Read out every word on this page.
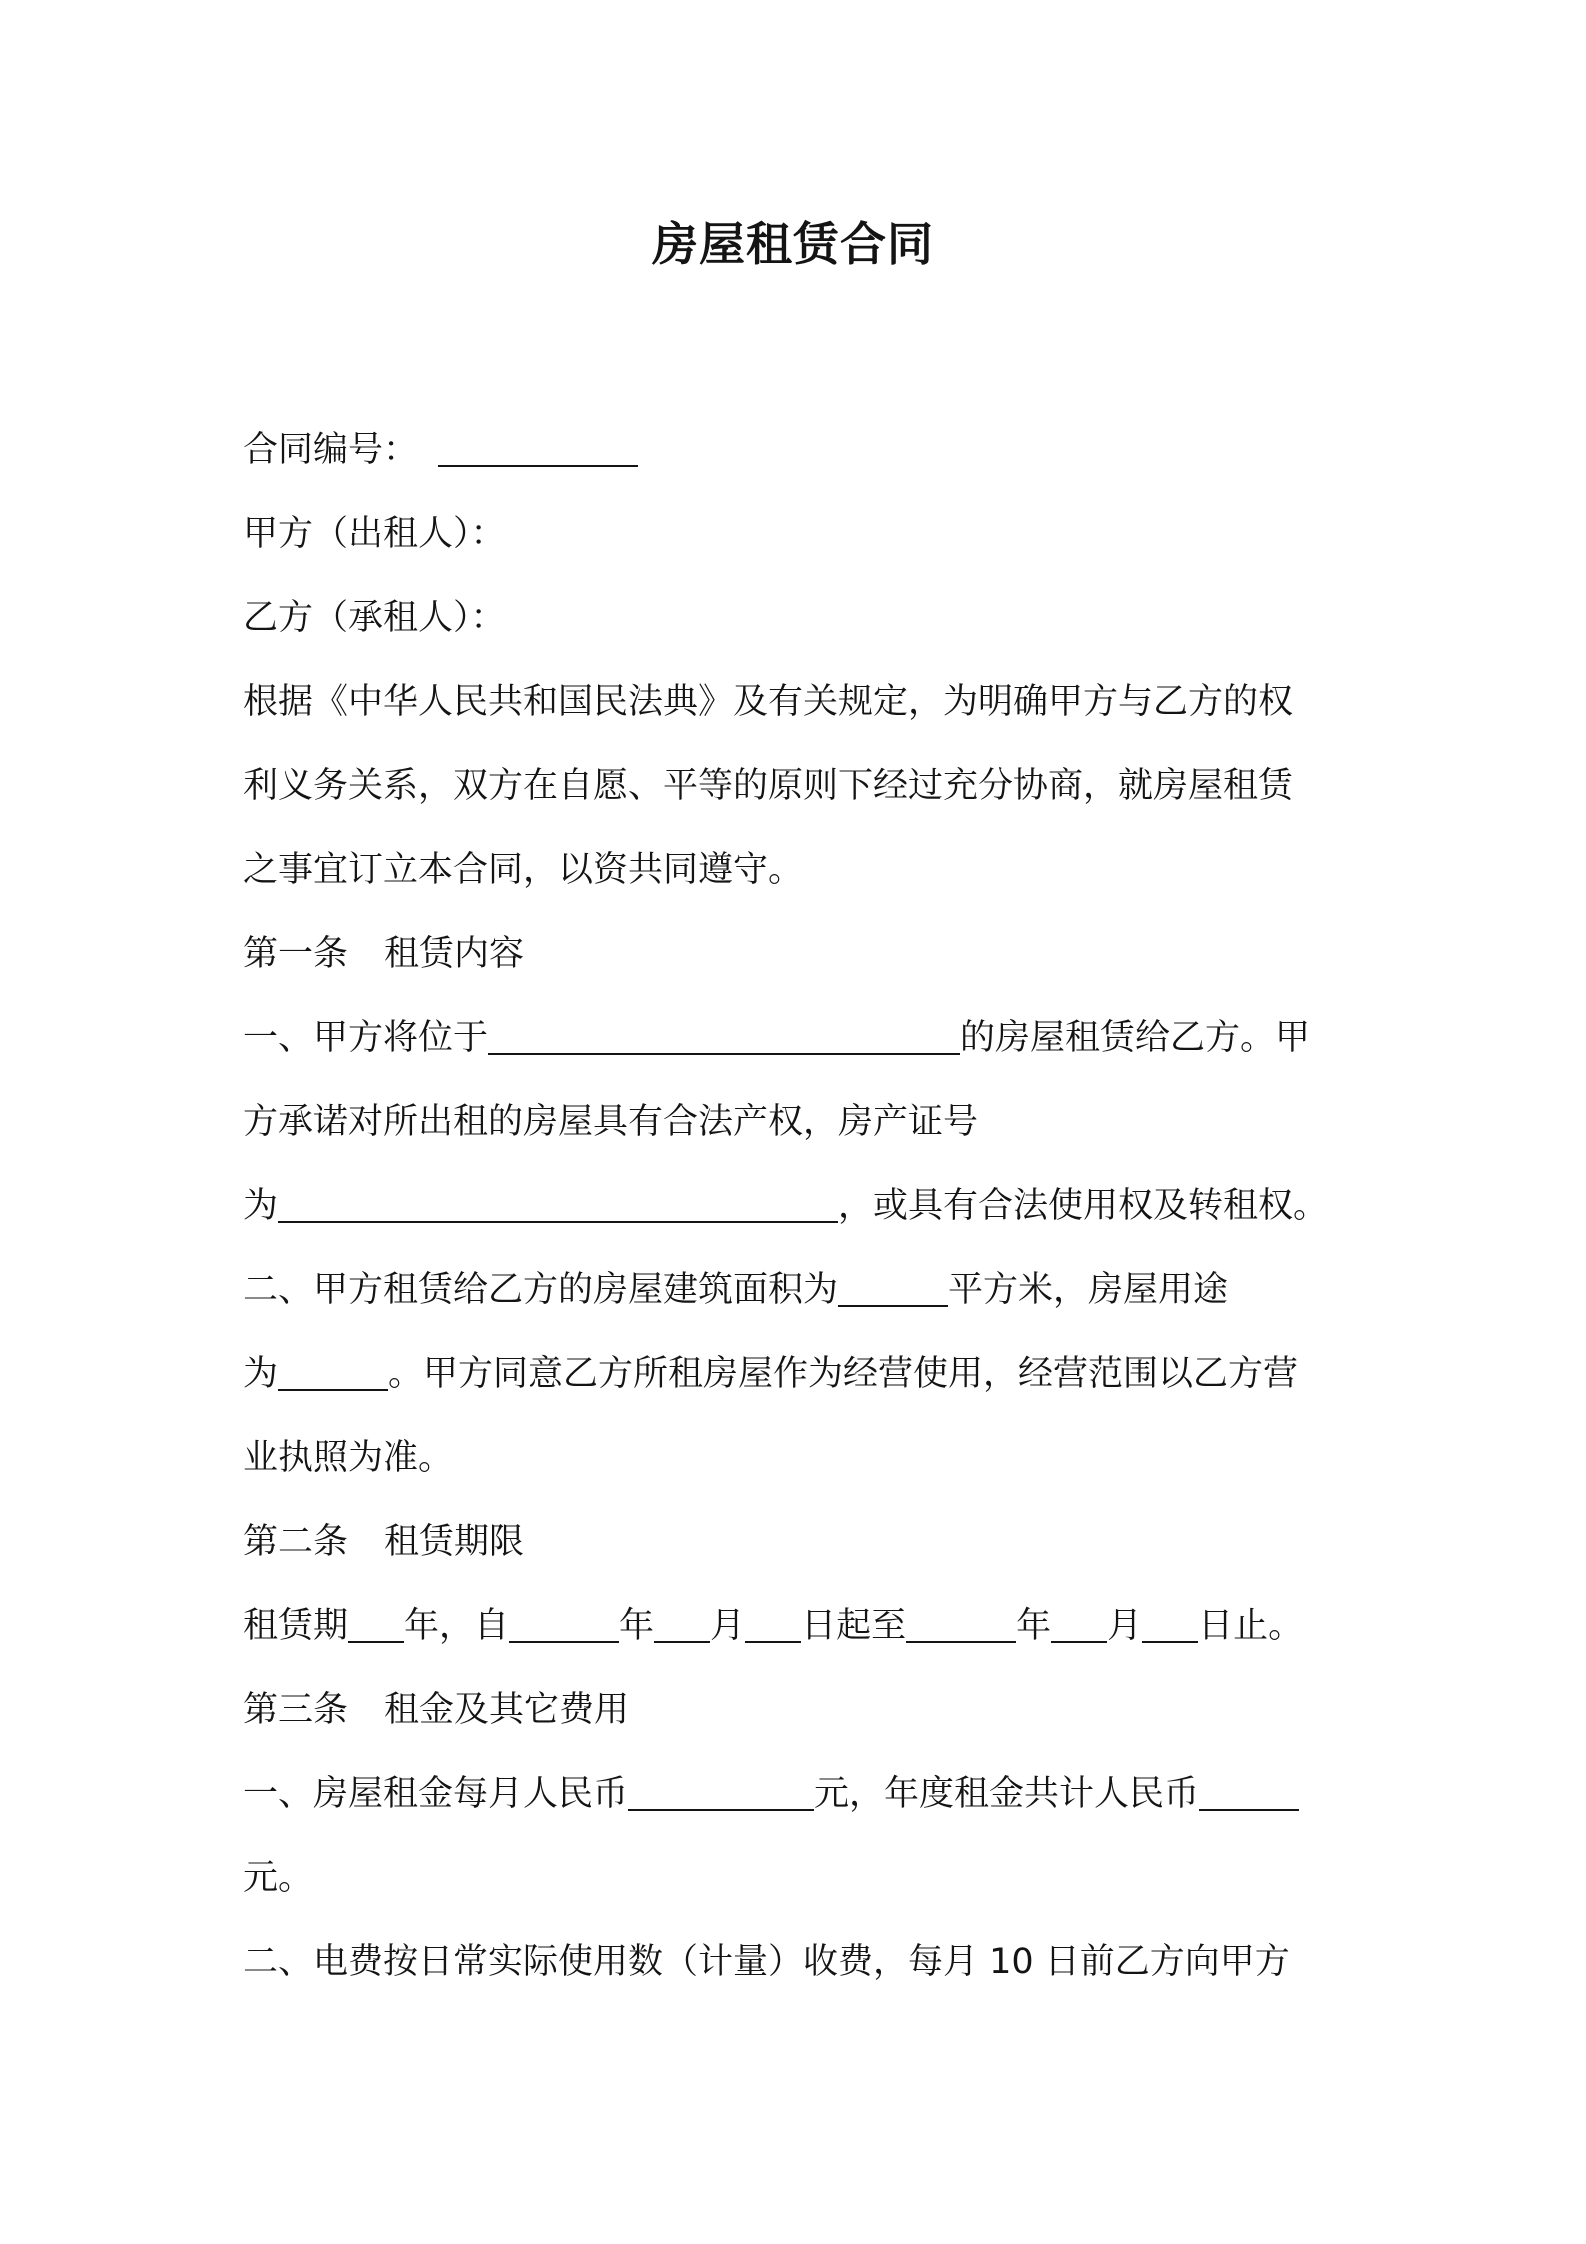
房屋租赁合同
合同编号：
甲方（出租人）：
乙方（承租人）：
根据《中华人民共和国民法典》及有关规定，为明确甲方与乙方的权
利义务关系，双方在自愿、平等的原则下经过充分协商，就房屋租赁
之事宜订立本合同，以资共同遵守。
第一条 租赁内容
一、甲方将位于	的房屋租赁给乙方。甲
方承诺对所出租的房屋具有合法产权，房产证号
为	，或具有合法使用权及转租权。
二、甲方租赁给乙方的房屋建筑面积为	平方米，房屋用途
为	。甲方同意乙方所租房屋作为经营使用，经营范围以乙方营
业执照为准。
第二条 租赁期限
租赁期 年，自	年 月 日起至	年 月 日止。
第三条 租金及其它费用
一、房屋租金每月人民币	元，年度租金共计人民币
元。
二、电费按日常实际使用数（计量）收费，每月 10 日前乙方向甲方
